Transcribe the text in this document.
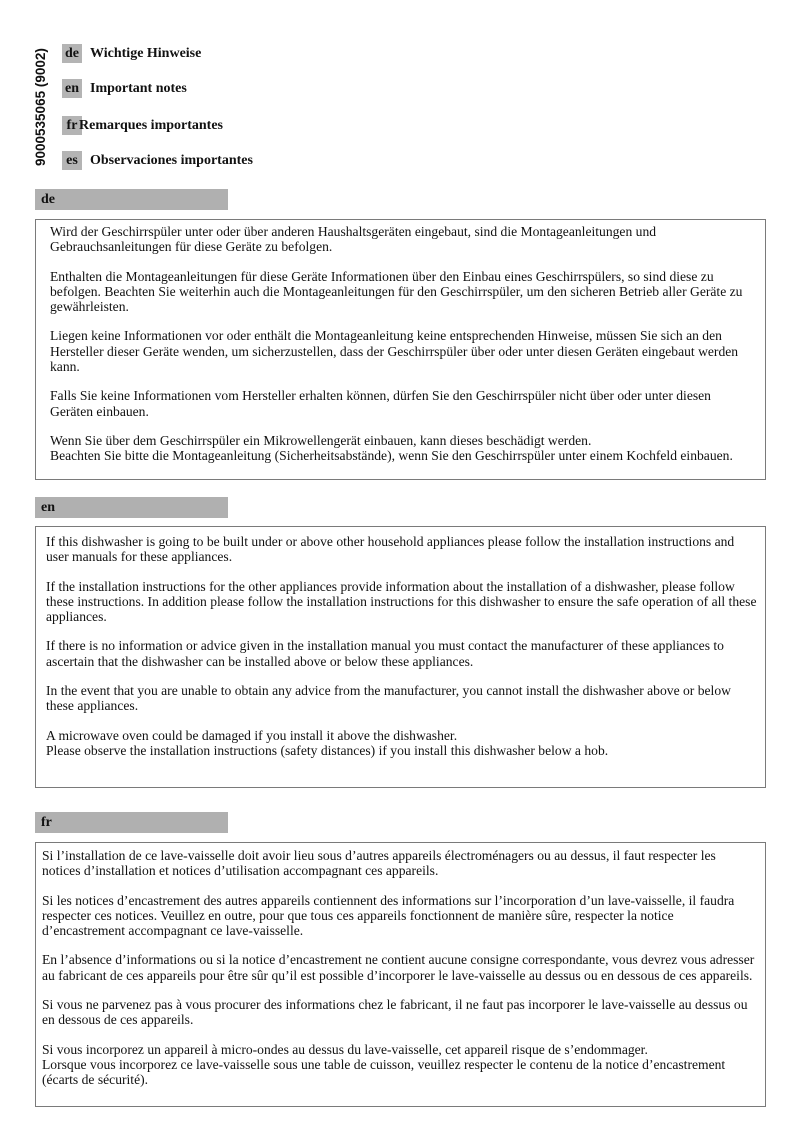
9000535065 (9002) de Wichtige Hinweise
en Important notes
fr Remarques importantes
es Observaciones importantes
de

Wird der Geschirrspüler unter oder über anderen Haushaltsgeräten eingebaut, sind die Montageanleitungen und Gebrauchsanleitungen für diese Geräte zu befolgen.

Enthalten die Montageanleitungen für diese Geräte Informationen über den Einbau eines Geschirrspülers, so sind diese zu befolgen. Beachten Sie weiterhin auch die Montageanleitungen für den Geschirrspüler, um den sicheren Betrieb aller Geräte zu gewährleisten.

Liegen keine Informationen vor oder enthält die Montageanleitung keine entsprechenden Hinweise, müssen Sie sich an den Hersteller dieser Geräte wenden, um sicherzustellen, dass der Geschirrspüler über oder unter diesen Geräten eingebaut werden kann.

Falls Sie keine Informationen vom Hersteller erhalten können, dürfen Sie den Geschirrspüler nicht über oder unter diesen Geräten einbauen.

Wenn Sie über dem Geschirrspüler ein Mikrowellengerät einbauen, kann dieses beschädigt werden.

Beachten Sie bitte die Montageanleitung (Sicherheitsabstände), wenn Sie den Geschirrspüler unter einem Kochfeld einbauen.

en

If this dishwasher is going to be built under or above other household appliances please follow the installation instructions and user manuals for these appliances.

If the installation instructions for the other appliances provide information about the installation of a dishwasher, please follow these instructions. In addition please follow the installation instructions for this dishwasher to ensure the safe operation of all these appliances.

If there is no information or advice given in the installation manual you must contact the manufacturer of these appliances to ascertain that the dishwasher can be installed above or below these appliances.

In the event that you are unable to obtain any advice from the manufacturer, you cannot install the dishwasher above or below these appliances.

A microwave oven could be damaged if you install it above the dishwasher.

Please observe the installation instructions (safety distances) if you install this dishwasher below a hob.

fr

Si l’installation de ce lave-vaisselle doit avoir lieu sous d’autres appareils électroménagers ou au dessus, il faut respecter les notices d’installation et notices d’utilisation accompagnant ces appareils.

Si les notices d’encastrement des autres appareils contiennent des informations sur l’incorporation d’un lave-vaisselle, il faudra respecter ces notices. Veuillez en outre, pour que tous ces appareils fonctionnent de manière sûre, respecter la notice d’encastrement accompagnant ce lave-vaisselle.

En l’absence d’informations ou si la notice d’encastrement ne contient aucune consigne correspondante, vous devrez vous adresser au fabricant de ces appareils pour être sûr qu’il est possible d’incorporer le lave-vaisselle au dessus ou en dessous de ces appareils.

Si vous ne parvenez pas à vous procurer des informations chez le fabricant, il ne faut pas incorporer le lave-vaisselle au dessus ou en dessous de ces appareils.

Si vous incorporez un appareil à micro-ondes au dessus du lave-vaisselle, cet appareil risque de s’endommager.

Lorsque vous incorporez ce lave-vaisselle sous une table de cuisson, veuillez respecter le contenu de la notice d’encastrement (écarts de sécurité).
